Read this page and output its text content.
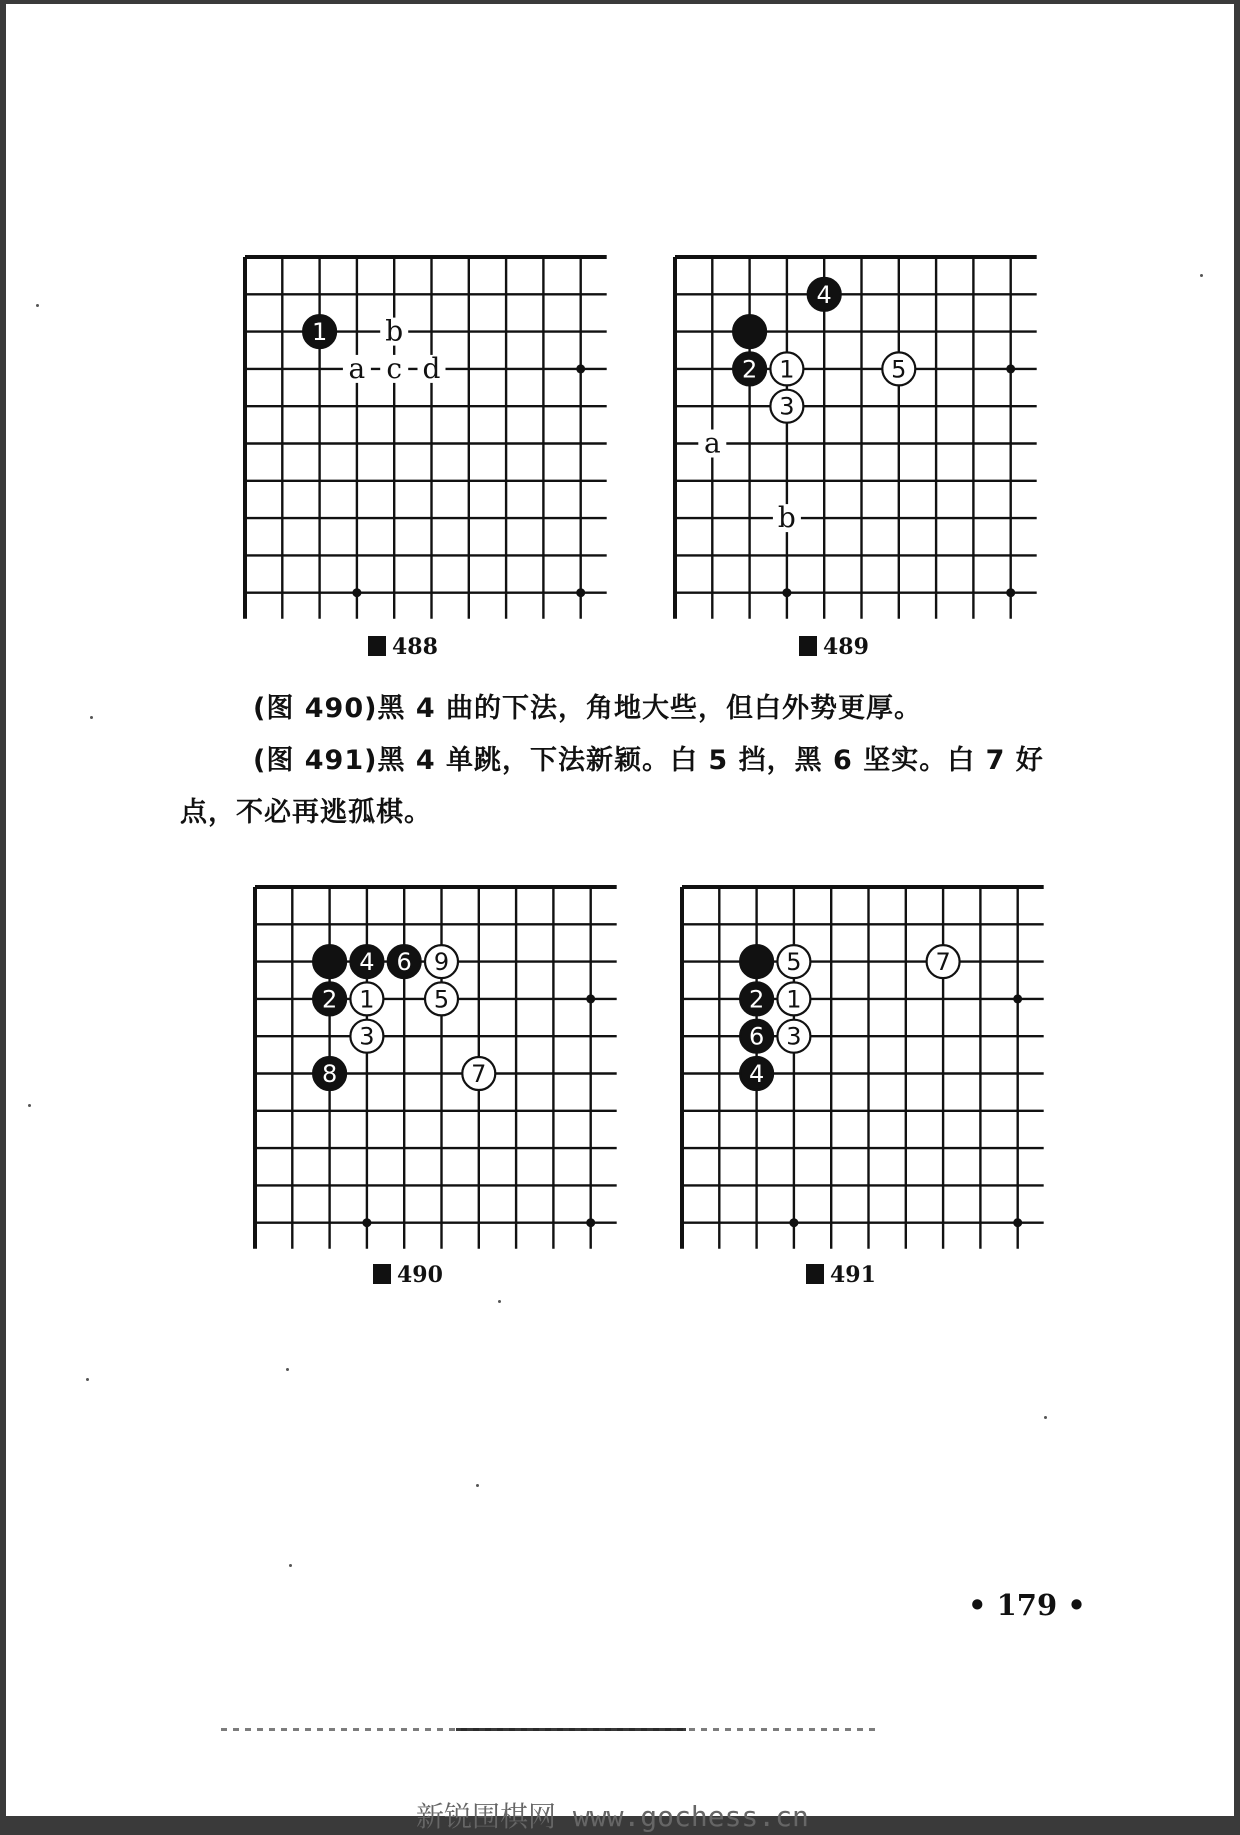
b
a c d
1
488
a
b
4
2 1
3
5
489
(图 490)黑 4 曲的下法，角地大些，但白外势更厚。
(图 491)黑 4 单跳，下法新颖。白 5 挡，黑 6 坚实。白 7 好
点，不必再逃孤棋。
4 6 9
2 1 5
3
8	7
490
5	7
2 1
6 3
4
491
• 179 •
新锐围棋网 www.gochess.cn
